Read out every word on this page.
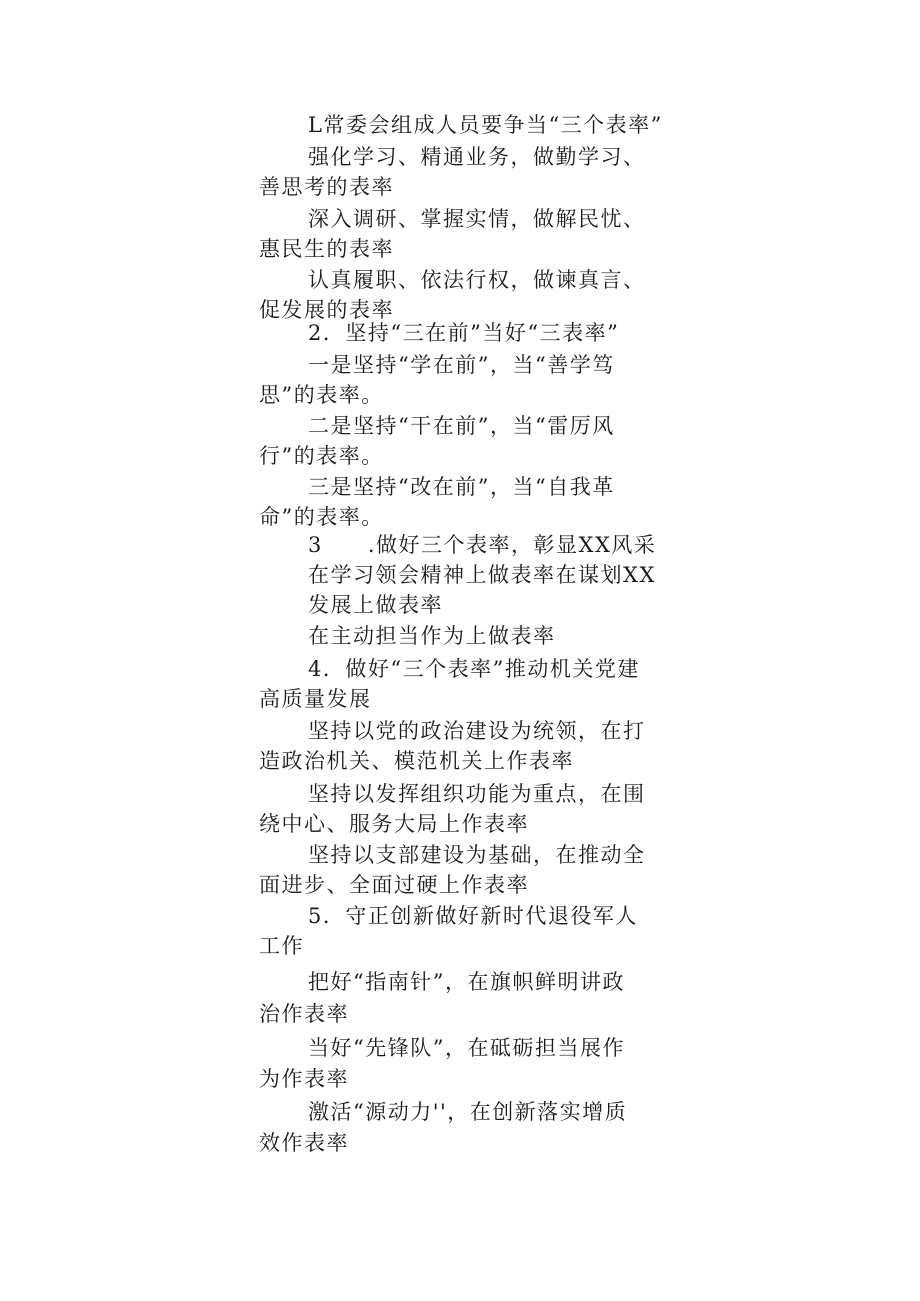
L常委会组成人员要争当“三个表率”
强化学习、精通业务，做勤学习、
善思考的表率
深入调研、掌握实情，做解民忧、
惠民生的表率
认真履职、依法行权，做谏真言、
促发展的表率
2．坚持“三在前”当好“三表率”
一是坚持“学在前”，当“善学笃
思”的表率。
二是坚持“干在前”，当“雷厉风
行”的表率。
三是坚持“改在前”，当“自我革
命”的表率。
3　　.做好三个表率，彰显XX风采
在学习领会精神上做表率在谋划XX
发展上做表率
在主动担当作为上做表率
4．做好“三个表率”推动机关党建
高质量发展
坚持以党的政治建设为统领，在打
造政治机关、模范机关上作表率
坚持以发挥组织功能为重点，在围
绕中心、服务大局上作表率
坚持以支部建设为基础，在推动全
面进步、全面过硬上作表率
5．守正创新做好新时代退役军人
工作
把好“指南针”，在旗帜鲜明讲政
治作表率
当好“先锋队”，在砥砺担当展作
为作表率
激活“源动力''，在创新落实增质
效作表率
